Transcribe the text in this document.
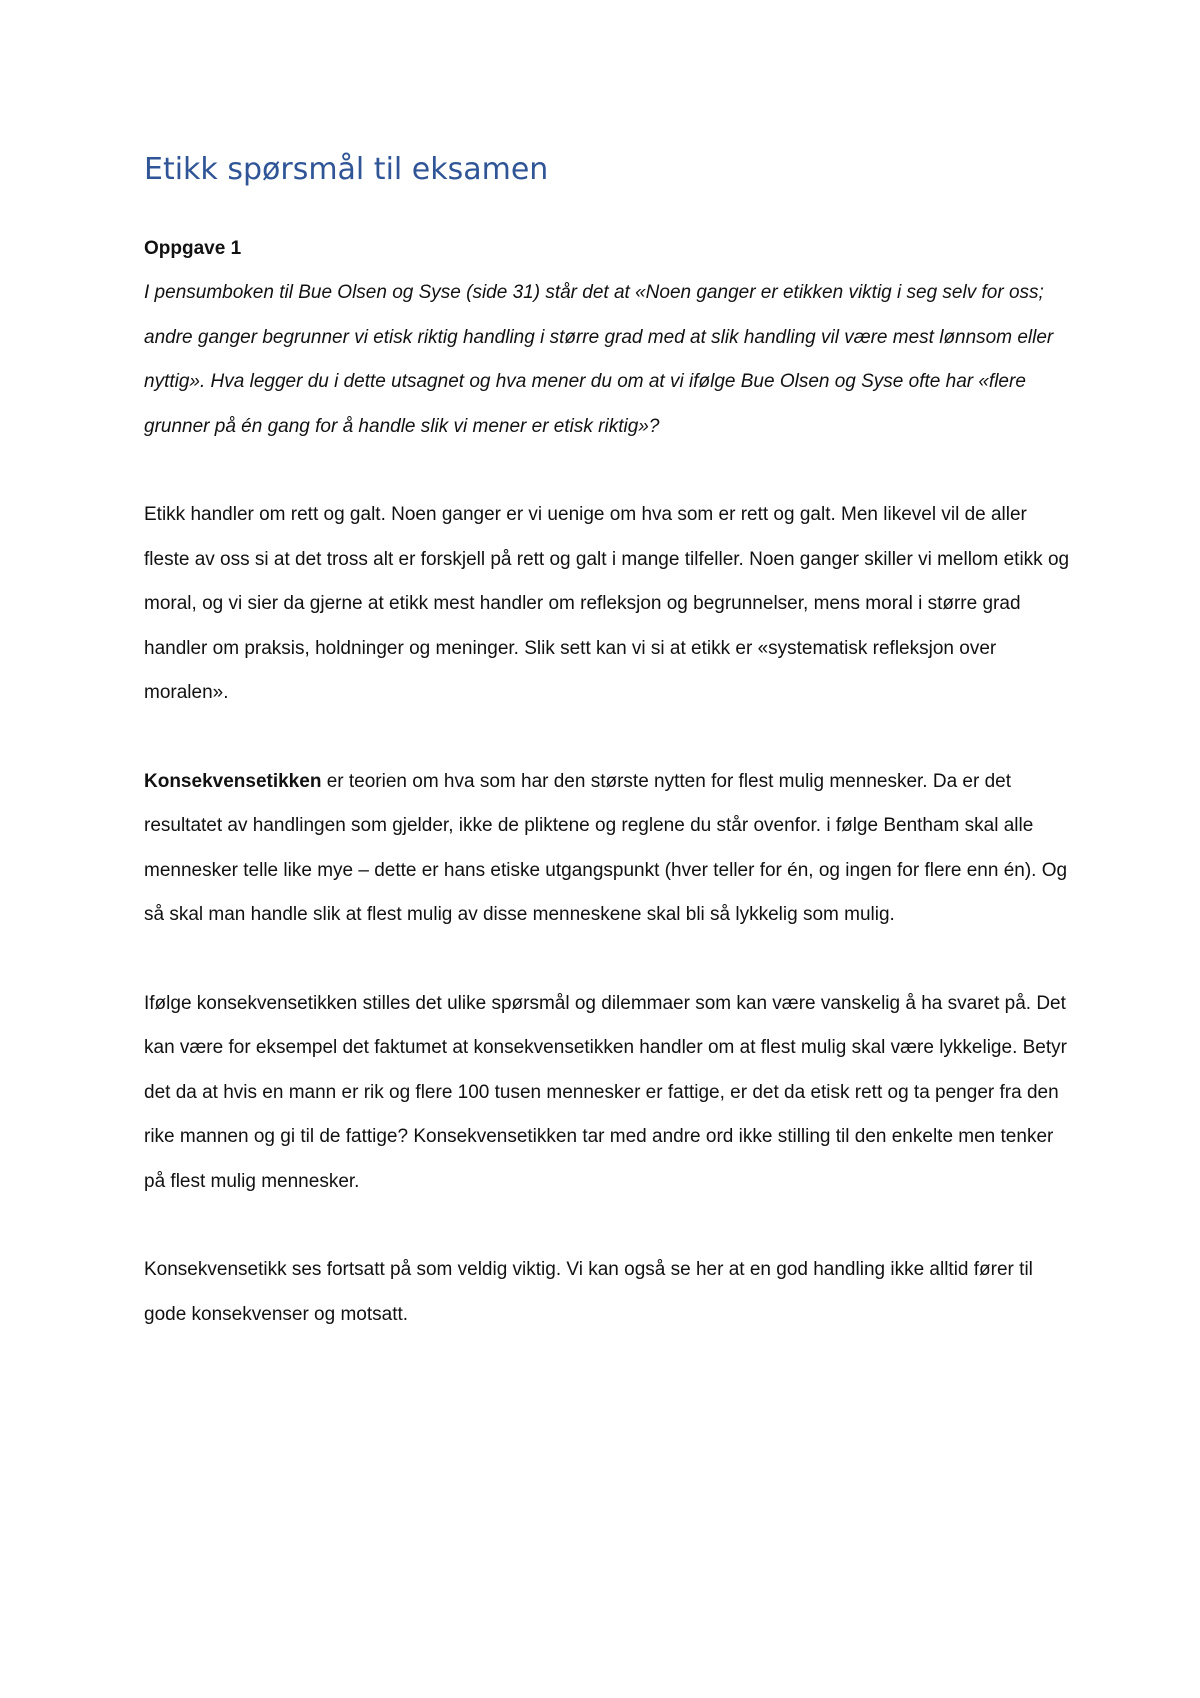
Etikk spørsmål til eksamen

Oppgave 1

I pensumboken til Bue Olsen og Syse (side 31) står det at «Noen ganger er etikken viktig i seg selv for oss; andre ganger begrunner vi etisk riktig handling i større grad med at slik handling vil være mest lønnsom eller nyttig». Hva legger du i dette utsagnet og hva mener du om at vi ifølge Bue Olsen og Syse ofte har «flere grunner på én gang for å handle slik vi mener er etisk riktig»?

Etikk handler om rett og galt. Noen ganger er vi uenige om hva som er rett og galt. Men likevel vil de aller fleste av oss si at det tross alt er forskjell på rett og galt i mange tilfeller. Noen ganger skiller vi mellom etikk og moral, og vi sier da gjerne at etikk mest handler om refleksjon og begrunnelser, mens moral i større grad handler om praksis, holdninger og meninger. Slik sett kan vi si at etikk er «systematisk refleksjon over moralen».

Konsekvensetikken er teorien om hva som har den største nytten for flest mulig mennesker. Da er det resultatet av handlingen som gjelder, ikke de pliktene og reglene du står ovenfor. i følge Bentham skal alle mennesker telle like mye – dette er hans etiske utgangspunkt (hver teller for én, og ingen for flere enn én). Og så skal man handle slik at flest mulig av disse menneskene skal bli så lykkelig som mulig.

Ifølge konsekvensetikken stilles det ulike spørsmål og dilemmaer som kan være vanskelig å ha svaret på. Det kan være for eksempel det faktumet at konsekvensetikken handler om at flest mulig skal være lykkelige. Betyr det da at hvis en mann er rik og flere 100 tusen mennesker er fattige, er det da etisk rett og ta penger fra den rike mannen og gi til de fattige? Konsekvensetikken tar med andre ord ikke stilling til den enkelte men tenker på flest mulig mennesker.

Konsekvensetikk ses fortsatt på som veldig viktig. Vi kan også se her at en god handling ikke alltid fører til gode konsekvenser og motsatt.
